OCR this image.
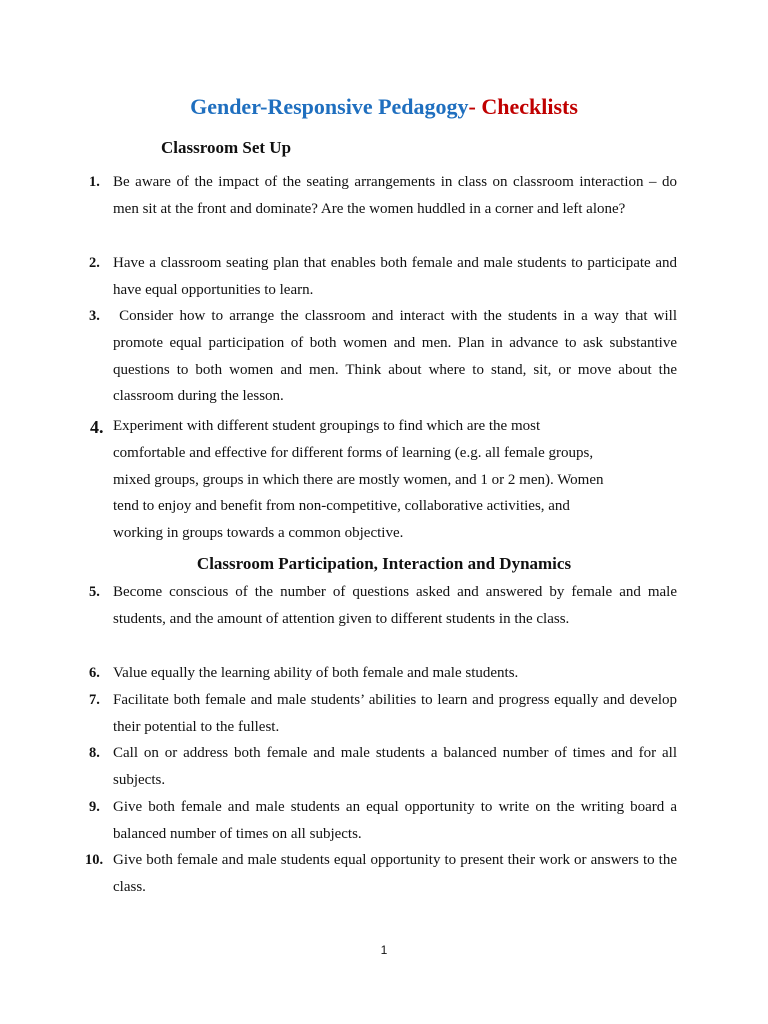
Gender-Responsive Pedagogy- Checklists
Classroom Set Up
1. Be aware of the impact of the seating arrangements in class on classroom interaction – do men sit at the front and dominate? Are the women huddled in a corner and left alone?
2. Have a classroom seating plan that enables both female and male students to participate and have equal opportunities to learn.
3. Consider how to arrange the classroom and interact with the students in a way that will promote equal participation of both women and men. Plan in advance to ask substantive questions to both women and men. Think about where to stand, sit, or move about the classroom during the lesson.
4. Experiment with different student groupings to find which are the most comfortable and effective for different forms of learning (e.g. all female groups, mixed groups, groups in which there are mostly women, and 1 or 2 men). Women tend to enjoy and benefit from non-competitive, collaborative activities, and working in groups towards a common objective.
Classroom Participation, Interaction and Dynamics
5. Become conscious of the number of questions asked and answered by female and male students, and the amount of attention given to different students in the class.
6. Value equally the learning ability of both female and male students.
7. Facilitate both female and male students’ abilities to learn and progress equally and develop their potential to the fullest.
8. Call on or address both female and male students a balanced number of times and for all subjects.
9. Give both female and male students an equal opportunity to write on the writing board a balanced number of times on all subjects.
10. Give both female and male students equal opportunity to present their work or answers to the class.
1
